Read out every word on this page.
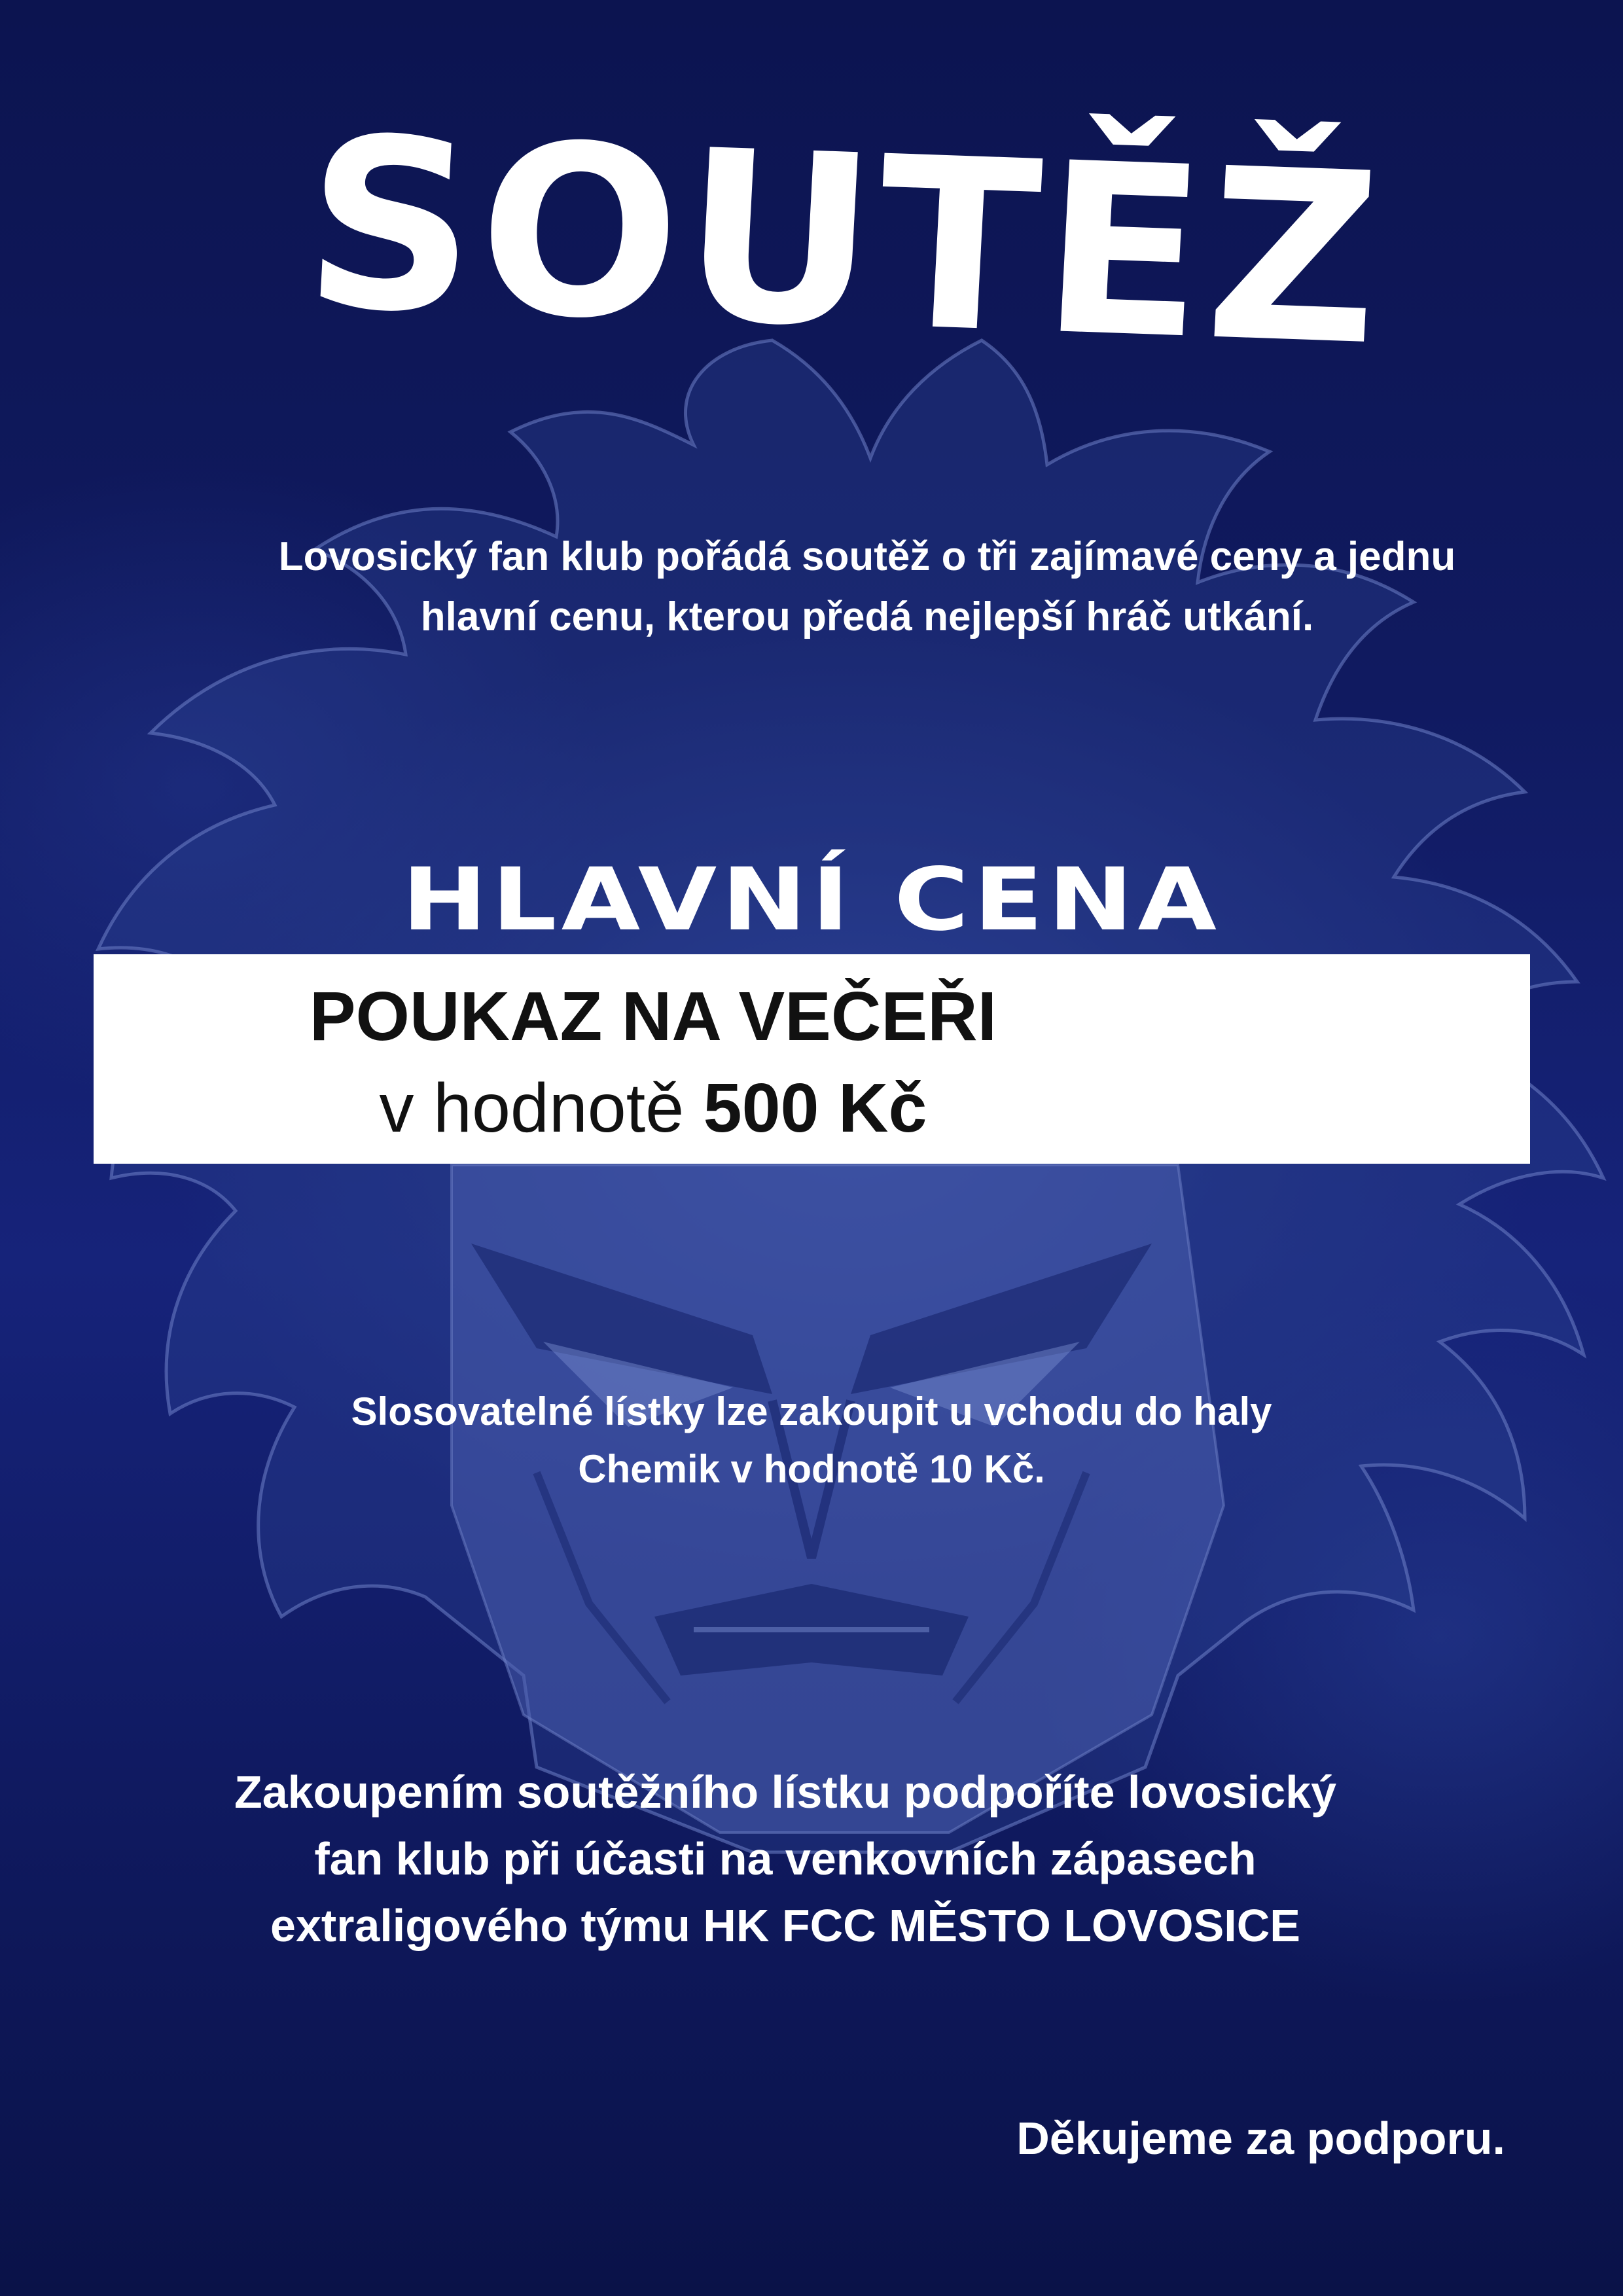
SOUTĚŽ
Lovosický fan klub pořádá soutěž o tři zajímavé ceny a jednu
hlavní cenu, kterou předá nejlepší hráč utkání.
HLAVNÍ CENA
POUKAZ NA VEČEŘI
v hodnotě 500 Kč
Slosovatelné lístky lze zakoupit u vchodu do haly
Chemik v hodnotě 10 Kč.
Zakoupením soutěžního lístku podpoříte lovosický
fan klub při účasti na venkovních zápasech
extraligového týmu HK FCC MĚSTO LOVOSICE
Děkujeme za podporu.
